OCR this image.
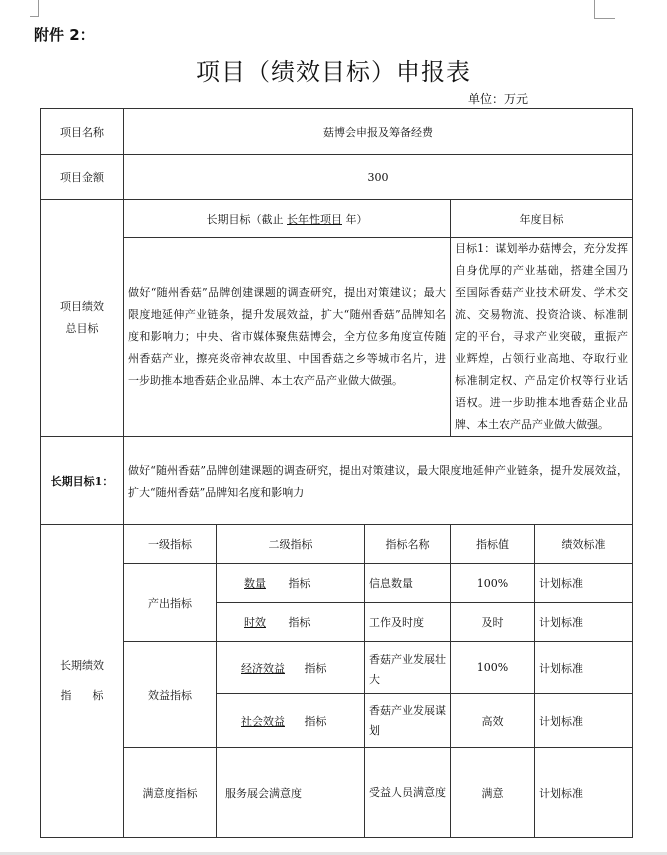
附件 2：
项目（绩效目标）申报表
单位：万元
项目名称	菇博会申报及筹备经费				
项目金额	300				
项目绩效总目标	长期目标（截止 长年性项目 年）			年度目标	
	做好“随州香菇”品牌创建课题的调查研究，提出对策建议；最大限度地延伸产业链条，提升发展效益，扩大“随州香菇”品牌知名度和影响力；中央、省市媒体聚焦菇博会，全方位多角度宣传随州香菇产业，擦亮炎帝神农故里、中国香菇之乡等城市名片，进一步助推本地香菇企业品牌、本土农产品产业做大做强。			目标1：谋划举办菇博会，充分发挥自身优厚的产业基础，搭建全国乃至国际香菇产业技术研发、学术交流、交易物流、投资洽谈、标准制定的平台，寻求产业突破，重振产业辉煌，占领行业高地、夺取行业标准制定权、产品定价权等行业话语权。进一步助推本地香菇企业品牌、本土农产品产业做大做强。	
长期目标1：	做好“随州香菇”品牌创建课题的调查研究，提出对策建议，最大限度地延伸产业链条，提升发展效益，扩大“随州香菇”品牌知名度和影响力				

长期绩效
指      标	一级指标	二级指标	指标名称	指标值	绩效标准
	产出指标	数量 指标	信息数量	100%	计划标准
		时效 指标	工作及时度	及时	计划标准
	效益指标	经济效益 指标	香菇产业发展壮大	100%	计划标准
		社会效益 指标	香菇产业发展谋划	高效	计划标准
	满意度指标	服务展会满意度	受益人员满意度	满意	计划标准
